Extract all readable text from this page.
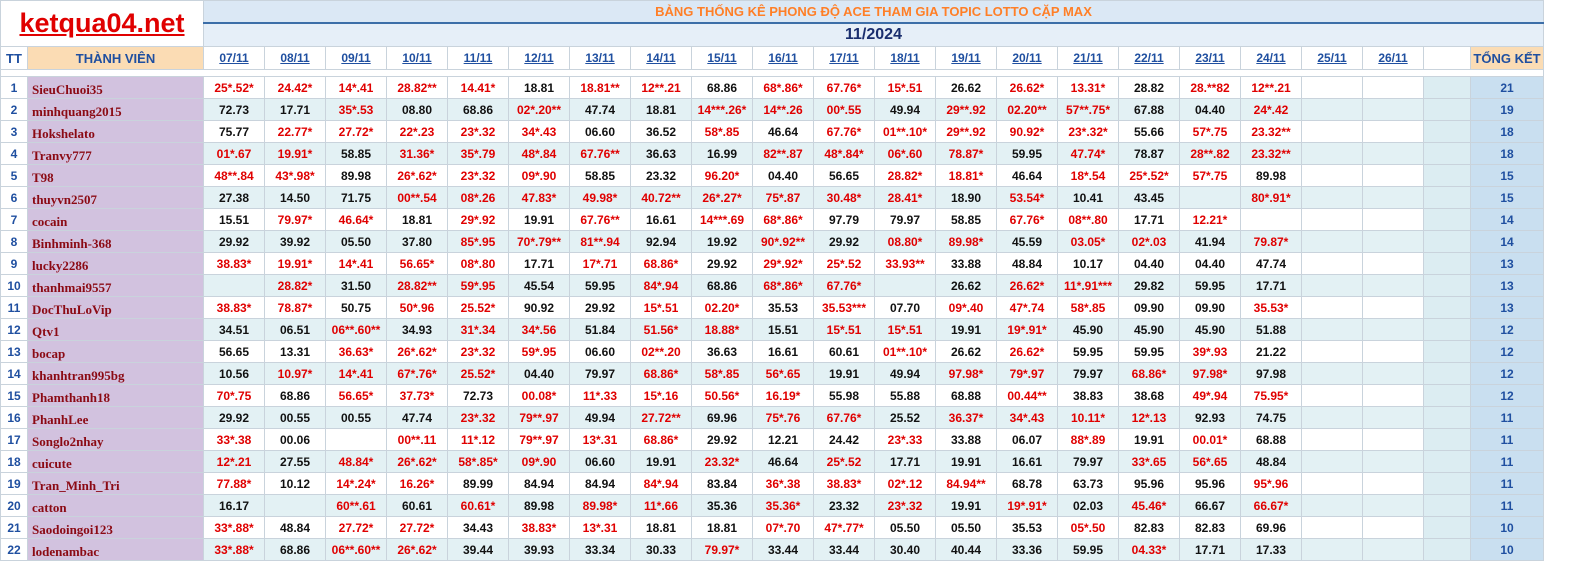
ketqua04.net		BẢNG THỐNG KÊ PHONG ĐỘ ACE THAM GIA TOPIC LOTTO CẶP MAX																					
		11/2024																					
TT	THÀNH VIÊN	07/11	08/11	09/11	10/11	11/11	12/11	13/11	14/11	15/11	16/11	17/11	18/11	19/11	20/11	21/11	22/11	23/11	24/11	25/11	26/11		TỔNG KẾT

1	SieuChuoi35	25*.52*	24.42*	14*.41	28.82**	14.41*	18.81	18.81**	12**.21	68.86	68*.86*	67.76*	15*.51	26.62	26.62*	13.31*	28.82	28.**82	12**.21				21
2	minhquang2015	72.73	17.71	35*.53	08.80	68.86	02*.20**	47.74	18.81	14***.26*	14**.26	00*.55	49.94	29**.92	02.20**	57**.75*	67.88	04.40	24*.42				19
3	Hokshelato	75.77	22.77*	27.72*	22*.23	23*.32	34*.43	06.60	36.52	58*.85	46.64	67.76*	01**.10*	29**.92	90.92*	23*.32*	55.66	57*.75	23.32**				18
4	Tranvy777	01*.67	19.91*	58.85	31.36*	35*.79	48*.84	67.76**	36.63	16.99	82**.87	48*.84*	06*.60	78.87*	59.95	47.74*	78.87	28**.82	23.32**				18
5	T98	48**.84	43*.98*	89.98	26*.62*	23*.32	09*.90	58.85	23.32	96.20*	04.40	56.65	28.82*	18.81*	46.64	18*.54	25*.52*	57*.75	89.98				15
6	thuyvn2507	27.38	14.50	71.75	00**.54	08*.26	47.83*	49.98*	40.72**	26*.27*	75*.87	30.48*	28.41*	18.90	53.54*	10.41	43.45		80*.91*				15
7	cocain	15.51	79.97*	46.64*	18.81	29*.92	19.91	67.76**	16.61	14***.69	68*.86*	97.79	79.97	58.85	67.76*	08**.80	17.71	12.21*					14
8	Binhminh-368	29.92	39.92	05.50	37.80	85*.95	70*.79**	81**.94	92.94	19.92	90*.92**	29.92	08.80*	89.98*	45.59	03.05*	02*.03	41.94	79.87*				14
9	lucky2286	38.83*	19.91*	14*.41	56.65*	08*.80	17.71	17*.71	68.86*	29.92	29*.92*	25*.52	33.93**	33.88	48.84	10.17	04.40	04.40	47.74				13
10	thanhmai9557		28.82*	31.50	28.82**	59*.95	45.54	59.95	84*.94	68.86	68*.86*	67.76*		26.62	26.62*	11*.91***	29.82	59.95	17.71				13
11	DocThuLoVip	38.83*	78.87*	50.75	50*.96	25.52*	90.92	29.92	15*.51	02.20*	35.53	35.53***	07.70	09*.40	47*.74	58*.85	09.90	09.90	35.53*				13
12	Qtv1	34.51	06.51	06**.60**	34.93	31*.34	34*.56	51.84	51.56*	18.88*	15.51	15*.51	15*.51	19.91	19*.91*	45.90	45.90	45.90	51.88				12
13	bocap	56.65	13.31	36.63*	26*.62*	23*.32	59*.95	06.60	02**.20	36.63	16.61	60.61	01**.10*	26.62	26.62*	59.95	59.95	39*.93	21.22				12
14	khanhtran995bg	10.56	10.97*	14*.41	67*.76*	25.52*	04.40	79.97	68.86*	58*.85	56*.65	19.91	49.94	97.98*	79*.97	79.97	68.86*	97.98*	97.98				12
15	Phamthanh18	70*.75	68.86	56.65*	37.73*	72.73	00.08*	11*.33	15*.16	50.56*	16.19*	55.98	55.88	68.88	00.44**	38.83	38.68	49*.94	75.95*				12
16	PhanhLee	29.92	00.55	00.55	47.74	23*.32	79**.97	49.94	27.72**	69.96	75*.76	67.76*	25.52	36.37*	34*.43	10.11*	12*.13	92.93	74.75				11
17	Songlo2nhay	33*.38	00.06		00**.11	11*.12	79**.97	13*.31	68.86*	29.92	12.21	24.42	23*.33	33.88	06.07	88*.89	19.91	00.01*	68.88				11
18	cuicute	12*.21	27.55	48.84*	26*.62*	58*.85*	09*.90	06.60	19.91	23.32*	46.64	25*.52	17.71	19.91	16.61	79.97	33*.65	56*.65	48.84				11
19	Tran_Minh_Tri	77.88*	10.12	14*.24*	16.26*	89.99	84.94	84.94	84*.94	83.84	36*.38	38.83*	02*.12	84.94**	68.78	63.73	95.96	95.96	95*.96				11
20	catton	16.17		60**.61	60.61	60.61*	89.98	89.98*	11*.66	35.36	35.36*	23.32	23*.32	19.91	19*.91*	02.03	45.46*	66.67	66.67*				11
21	Saodoingoi123	33*.88*	48.84	27.72*	27.72*	34.43	38.83*	13*.31	18.81	18.81	07*.70	47*.77*	05.50	05.50	35.53	05*.50	82.83	82.83	69.96				10
22	lodenambac	33*.88*	68.86	06**.60**	26*.62*	39.44	39.93	33.34	30.33	79.97*	33.44	33.44	30.40	40.44	33.36	59.95	04.33*	17.71	17.33				10
